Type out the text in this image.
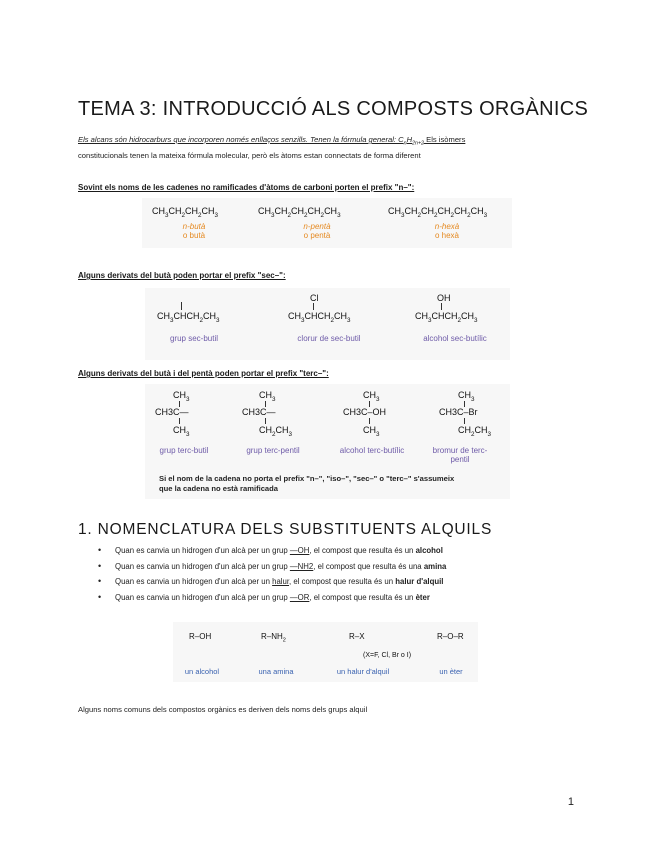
TEMA 3: INTRODUCCIÓ ALS COMPOSTS ORGÀNICS
Els alcans són hidrocarburs que incorporen només enllaços senzills. Tenen la fórmula general: $C_nH_{2n+2}$ Els isòmers
constitucionals tenen la mateixa fórmula molecular, però els àtoms estan connectats de forma diferent
Sovint els noms de les cadenes no ramificades d'àtoms de carboni porten el prefix "n–":
$CH_3CH_2CH_2CH_3$	$CH_3CH_2CH_2CH_2CH_3$	$CH_3CH_2CH_2CH_2CH_2CH_3$
n-butà
o butà
n-pentà
o pentà
n-hexà
o hexà
Alguns derivats del butà poden portar el prefix "sec–":
$CH_3CHCH_2CH_3$
Cl
$CH_3CHCH_2CH_3$
OH
$CH_3CHCH_2CH_3$
grup sec-butil	clorur de sec-butil	alcohol sec-butílic
Alguns derivats del butà i del pentà poden portar el prefix "terc–":
$CH_3$
CH3C—
$CH_3$
$CH_3$
CH3C—
$CH_2CH_3$
$CH_3$
CH3C–OH
$CH_3$
$CH_3$
CH3C–Br
$CH_2CH_3$
grup terc-butil	grup terc-pentil	alcohol terc-butílic	bromur de terc-pentil
Si el nom de la cadena no porta el prefix "n–", "iso–", "sec–" o "terc–" s'assumeix
que la cadena no està ramificada
1. NOMENCLATURA DELS SUBSTITUENTS ALQUILS
• Quan es canvia un hidrogen d'un alcà per un grup —OH, el compost que resulta és un alcohol
• Quan es canvia un hidrogen d'un alcà per un grup —NH2, el compost que resulta és una amina
• Quan es canvia un hidrogen d'un alcà per un halur, el compost que resulta és un halur d'alquil
• Quan es canvia un hidrogen d'un alcà per un grup —OR, el compost que resulta és un èter
R–OH	$R-NH_2$	R–X	R–O–R
(X=F, Cl, Br o I)
un alcohol	una amina	un halur d'alquil	un èter
Alguns noms comuns dels compostos orgànics es deriven dels noms dels grups alquil
1
